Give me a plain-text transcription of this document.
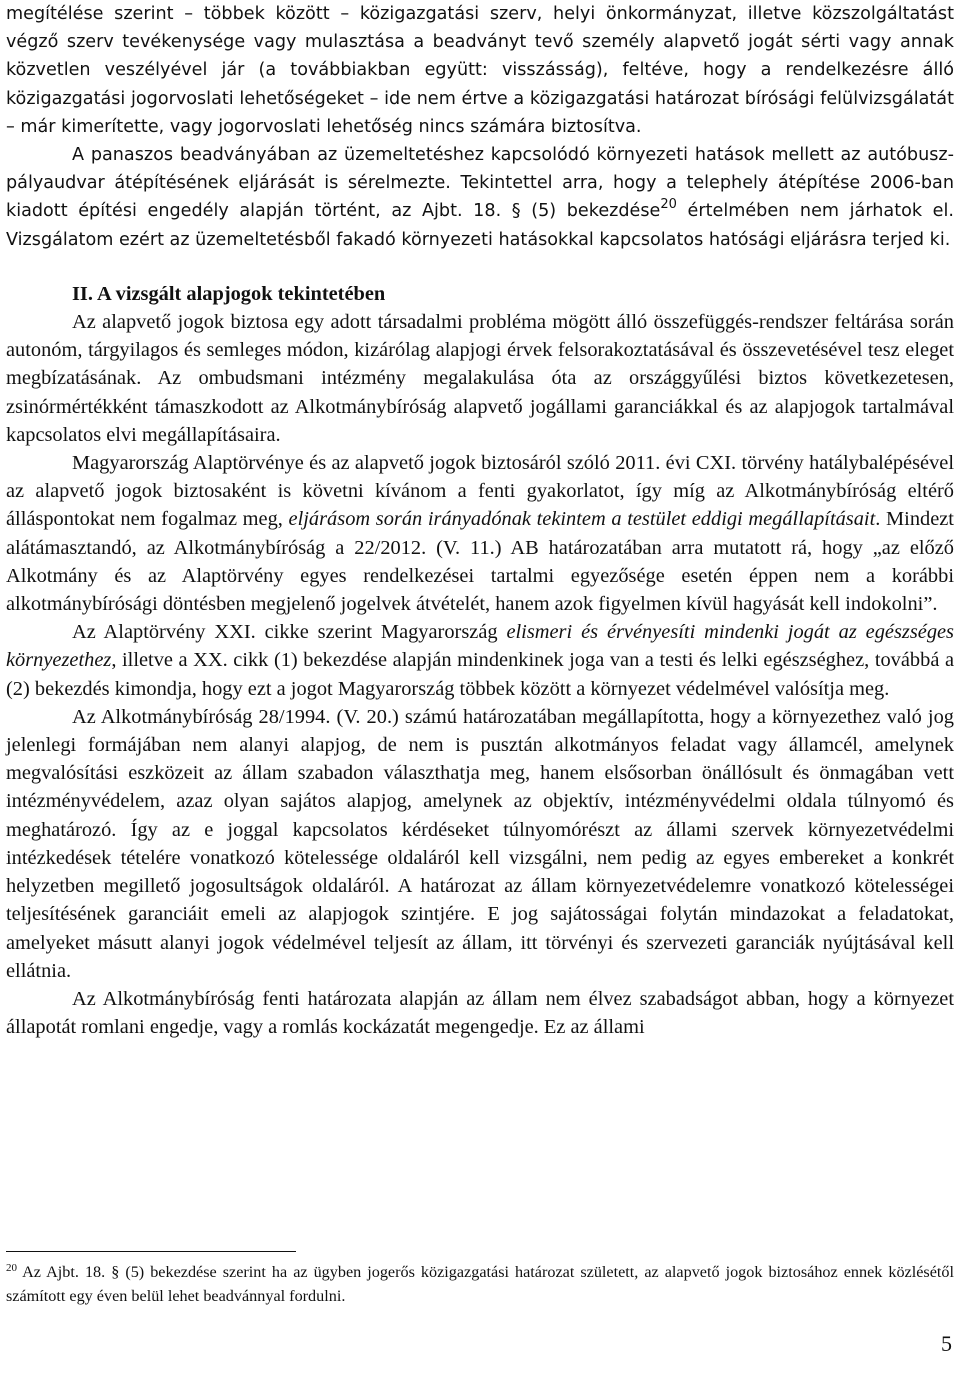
megítélése szerint – többek között – közigazgatási szerv, helyi önkormányzat, illetve közszolgáltatást végző szerv tevékenysége vagy mulasztása a beadványt tevő személy alapvető jogát sérti vagy annak közvetlen veszélyével jár (a továbbiakban együtt: visszásság), feltéve, hogy a rendelkezésre álló közigazgatási jogorvoslati lehetőségeket – ide nem értve a közigazgatási határozat bírósági felülvizsgálatát – már kimerítette, vagy jogorvoslati lehetőség nincs számára biztosítva.

A panaszos beadványában az üzemeltetéshez kapcsolódó környezeti hatások mellett az autóbusz-pályaudvar átépítésének eljárását is sérelmezte. Tekintettel arra, hogy a telephely átépítése 2006-ban kiadott építési engedély alapján történt, az Ajbt. 18. § (5) bekezdése$^{20}$ értelmében nem járhatok el. Vizsgálatom ezért az üzemeltetésből fakadó környezeti hatásokkal kapcsolatos hatósági eljárásra terjed ki.

II. A vizsgált alapjogok tekintetében

Az alapvető jogok biztosa egy adott társadalmi probléma mögött álló összefüggés-rendszer feltárása során autonóm, tárgyilagos és semleges módon, kizárólag alapjogi érvek felsorakoztatásával és összevetésével tesz eleget megbízatásának. Az ombudsmani intézmény megalakulása óta az országgyűlési biztos következetesen, zsinórmértékként támaszkodott az Alkotmánybíróság alapvető jogállami garanciákkal és az alapjogok tartalmával kapcsolatos elvi megállapításaira.

Magyarország Alaptörvénye és az alapvető jogok biztosáról szóló 2011. évi CXI. törvény hatálybalépésével az alapvető jogok biztosaként is követni kívánom a fenti gyakorlatot, így míg az Alkotmánybíróság eltérő álláspontokat nem fogalmaz meg, eljárásom során irányadónak tekintem a testület eddigi megállapításait. Mindezt alátámasztandó, az Alkotmánybíróság a 22/2012. (V. 11.) AB határozatában arra mutatott rá, hogy „az előző Alkotmány és az Alaptörvény egyes rendelkezései tartalmi egyezősége esetén éppen nem a korábbi alkotmánybírósági döntésben megjelenő jogelvek átvételét, hanem azok figyelmen kívül hagyását kell indokolni”.

Az Alaptörvény XXI. cikke szerint Magyarország elismeri és érvényesíti mindenki jogát az egészséges környezethez, illetve a XX. cikk (1) bekezdése alapján mindenkinek joga van a testi és lelki egészséghez, továbbá a (2) bekezdés kimondja, hogy ezt a jogot Magyarország többek között a környezet védelmével valósítja meg.

Az Alkotmánybíróság 28/1994. (V. 20.) számú határozatában megállapította, hogy a környezethez való jog jelenlegi formájában nem alanyi alapjog, de nem is pusztán alkotmányos feladat vagy államcél, amelynek megvalósítási eszközeit az állam szabadon választhatja meg, hanem elsősorban önállósult és önmagában vett intézményvédelem, azaz olyan sajátos alapjog, amelynek az objektív, intézményvédelmi oldala túlnyomó és meghatározó. Így az e joggal kapcsolatos kérdéseket túlnyomórészt az állami szervek környezetvédelmi intézkedések tételére vonatkozó kötelessége oldaláról kell vizsgálni, nem pedig az egyes embereket a konkrét helyzetben megillető jogosultságok oldaláról. A határozat az állam környezetvédelemre vonatkozó kötelességei teljesítésének garanciáit emeli az alapjogok szintjére. E jog sajátosságai folytán mindazokat a feladatokat, amelyeket másutt alanyi jogok védelmével teljesít az állam, itt törvényi és szervezeti garanciák nyújtásával kell ellátnia.

Az Alkotmánybíróság fenti határozata alapján az állam nem élvez szabadságot abban, hogy a környezet állapotát romlani engedje, vagy a romlás kockázatát megengedje. Ez az állami

$^{20}$ Az Ajbt. 18. § (5) bekezdése szerint ha az ügyben jogerős közigazgatási határozat született, az alapvető jogok biztosához ennek közlésétől számított egy éven belül lehet beadvánnyal fordulni.

5
